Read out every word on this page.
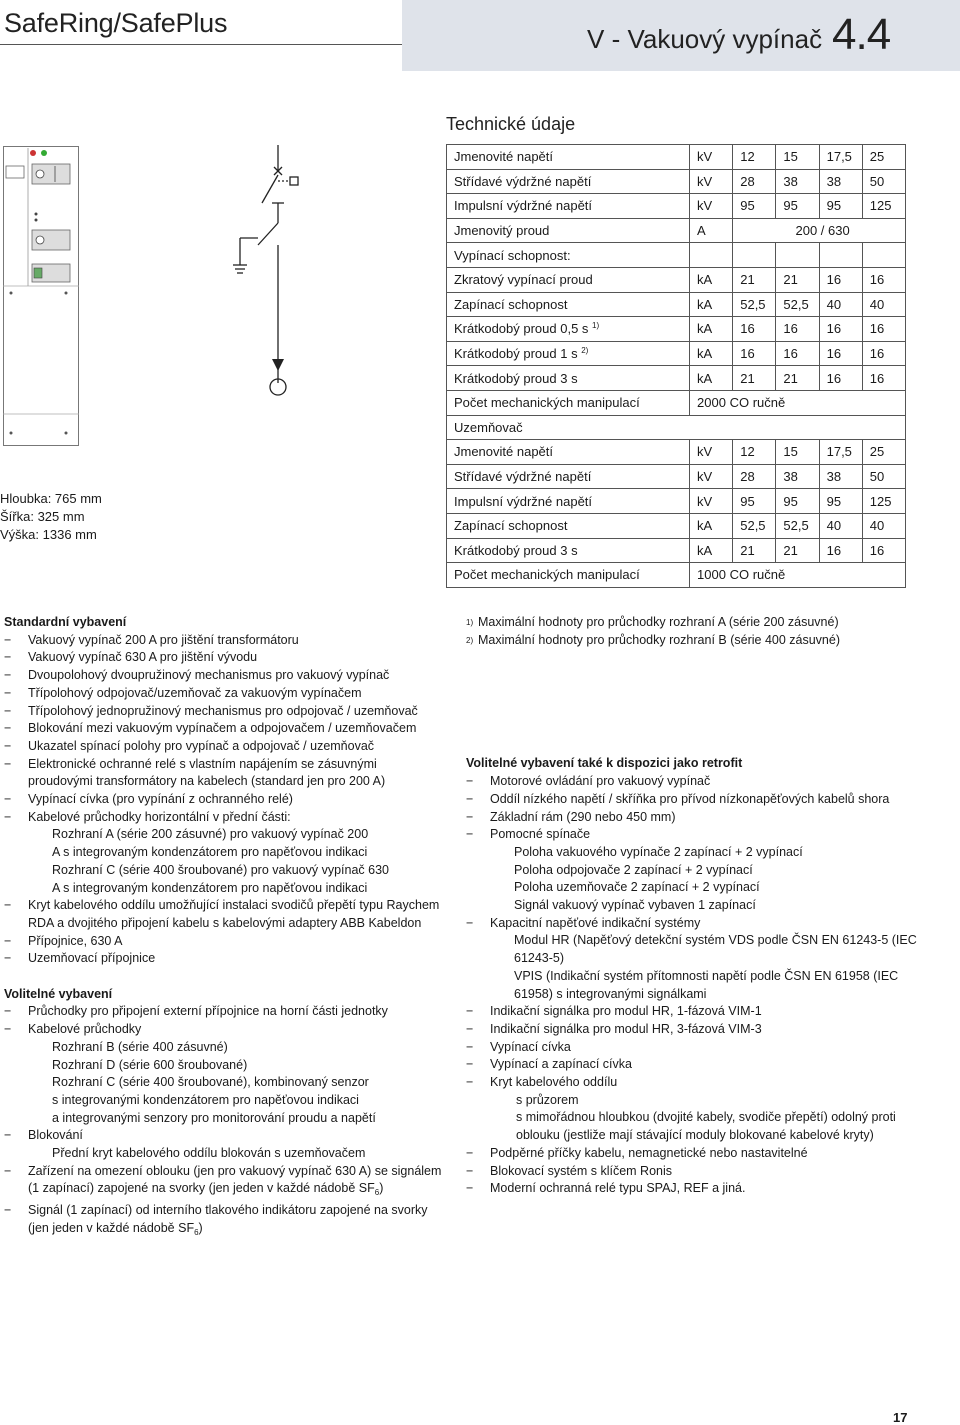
SafeRing/SafePlus
V - Vakuový vypínač 4.4
Technické údaje
Hloubka: 765 mm
Šířka: 325 mm
Výška: 1336 mm
Jmenovité napětí	kV	12	15	17,5	25
Střídavé výdržné napětí	kV	28	38	38	50
Impulsní výdržné napětí	kV	95	95	95	125
Jmenovitý proud	A	200 / 630			
Vypínací schopnost:					
Zkratový vypínací proud	kA	21	21	16	16
Zapínací schopnost	kA	52,5	52,5	40	40
Krátkodobý proud 0,5 s $^{1)}$	kA	16	16	16	16
Krátkodobý proud 1 s $^{2)}$	kA	16	16	16	16
Krátkodobý proud 3 s	kA	21	21	16	16
Počet mechanických manipulací	2000 CO ručně				
Uzemňovač					
Jmenovité napětí	kV	12	15	17,5	25
Střídavé výdržné napětí	kV	28	38	38	50
Impulsní výdržné napětí	kV	95	95	95	125
Zapínací schopnost	kA	52,5	52,5	40	40
Krátkodobý proud 3 s	kA	21	21	16	16
Počet mechanických manipulací	1000 CO ručně				
Standardní vybavení
− Vakuový vypínač 200 A pro jištění transformátoru
− Vakuový vypínač 630 A pro jištění vývodu
− Dvoupolohový dvoupružinový mechanismus pro vakuový vypínač
− Třípolohový odpojovač/uzemňovač za vakuovým vypínačem
− Třípolohový jednopružinový mechanismus pro odpojovač / uzemňovač
− Blokování mezi vakuovým vypínačem a odpojovačem / uzemňovačem
− Ukazatel spínací polohy pro vypínač a odpojovač / uzemňovač
− Elektronické ochranné relé s vlastním napájením se zásuvnými proudovými transformátory na kabelech (standard jen pro 200 A)
− Vypínací cívka (pro vypínání z ochranného relé)
− Kabelové průchodky horizontální v přední části:
Rozhraní A (série 200 zásuvné) pro vakuový vypínač 200
A s integrovaným kondenzátorem pro napěťovou indikaci
Rozhraní C (série 400 šroubované) pro vakuový vypínač 630
A s integrovaným kondenzátorem pro napěťovou indikaci
− Kryt kabelového oddílu umožňující instalaci svodičů přepětí typu Raychem RDA a dvojitého připojení kabelu s kabelovými adaptery ABB Kabeldon
− Přípojnice, 630 A
− Uzemňovací přípojnice
Volitelné vybavení
− Průchodky pro připojení externí přípojnice na horní části jednotky
− Kabelové průchodky
Rozhraní B (série 400 zásuvné)
Rozhraní D (série 600 šroubované)
Rozhraní C (série 400 šroubované), kombinovaný senzor
s integrovanými kondenzátorem pro napěťovou indikaci
a integrovanými senzory pro monitorování proudu a napětí
− Blokování
Přední kryt kabelového oddílu blokován s uzemňovačem
− Zařízení na omezení oblouku (jen pro vakuový vypínač 630 A) se signálem (1 zapínací) zapojené na svorky (jen jeden v každé nádobě $SF_6$)
− Signál (1 zapínací) od interního tlakového indikátoru zapojené na svorky (jen jeden v každé nádobě $SF_6$)
1) Maximální hodnoty pro průchodky rozhraní A (série 200 zásuvné)
2) Maximální hodnoty pro průchodky rozhraní B (série 400 zásuvné)
Volitelné vybavení také k dispozici jako retrofit
− Motorové ovládání pro vakuový vypínač
− Oddíl nízkého napětí / skříňka pro přívod nízkonapěťových kabelů shora
− Základní rám (290 nebo 450 mm)
− Pomocné spínače
Poloha vakuového vypínače 2 zapínací + 2 vypínací
Poloha odpojovače 2 zapínací + 2 vypínací
Poloha uzemňovače 2 zapínací + 2 vypínací
Signál vakuový vypínač vybaven 1 zapínací
− Kapacitní napěťové indikační systémy
Modul HR (Napěťový detekční systém VDS podle ČSN EN 61243-5 (IEC 61243-5)
VPIS (Indikační systém přítomnosti napětí podle ČSN EN 61958 (IEC 61958) s integrovanými signálkami
− Indikační signálka pro modul HR, 1-fázová VIM-1
− Indikační signálka pro modul HR, 3-fázová VIM-3
− Vypínací cívka
− Vypínací a zapínací cívka
− Kryt kabelového oddílu
s průzorem
s mimořádnou hloubkou (dvojité kabely, svodiče přepětí) odolný proti oblouku (jestliže mají stávající moduly blokované kabelové kryty)
− Podpěrné příčky kabelu, nemagnetické nebo nastavitelné
− Blokovací systém s klíčem Ronis
− Moderní ochranná relé typu SPAJ, REF a jiná.
17
